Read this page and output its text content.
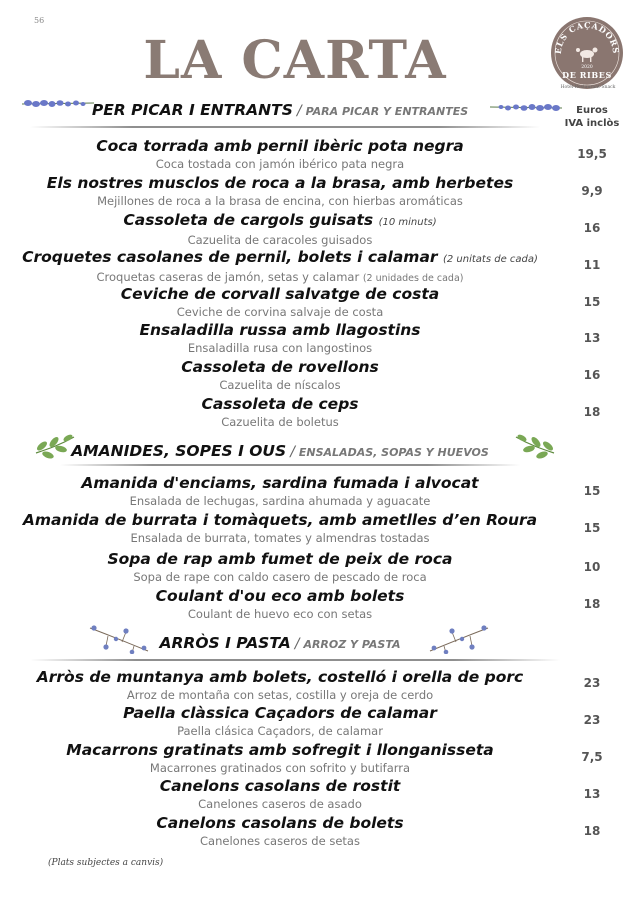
56
LA CARTA	ELS CAÇADORS
2020
DE RIBES
Hotel-Restaurant-Snack
Euros
IVA inclòs
PER PICAR I ENTRANTS / PARA PICAR Y ENTRANTES
Coca torrada amb pernil ibèric pota negra
Coca tostada con jamón ibérico pata negra
19,5
Els nostres musclos de roca a la brasa, amb herbetes
Mejillones de roca a la brasa de encina, con hierbas aromáticas
9,9
Cassoleta de cargols guisats (10 minuts)
Cazuelita de caracoles guisados
16
Croquetes casolanes de pernil, bolets i calamar (2 unitats de cada)
Croquetas caseras de jamón, setas y calamar (2 unidades de cada)
11
Ceviche de corvall salvatge de costa
Ceviche de corvina salvaje de costa
15
Ensaladilla russa amb llagostins
Ensaladilla rusa con langostinos
13
Cassoleta de rovellons
Cazuelita de níscalos
16
Cassoleta de ceps
Cazuelita de boletus
18
AMANIDES, SOPES I OUS / ENSALADAS, SOPAS Y HUEVOS
Amanida d'enciams, sardina fumada i alvocat
Ensalada de lechugas, sardina ahumada y aguacate
15
Amanida de burrata i tomàquets, amb ametlles d’en Roura
Ensalada de burrata, tomates y almendras tostadas
15
Sopa de rap amb fumet de peix de roca
Sopa de rape con caldo casero de pescado de roca
10
Coulant d'ou eco amb bolets
Coulant de huevo eco con setas
18
ARRÒS I PASTA / ARROZ Y PASTA
Arròs de muntanya amb bolets, costelló i orella de porc
Arroz de montaña con setas, costilla y oreja de cerdo
23
Paella clàssica Caçadors de calamar
Paella clásica Caçadors, de calamar
23
Macarrons gratinats amb sofregit i llonganisseta
Macarrones gratinados con sofrito y butifarra
7,5
Canelons casolans de rostit
Canelones caseros de asado
13
Canelons casolans de bolets
Canelones caseros de setas
18
(Plats subjectes a canvis)
